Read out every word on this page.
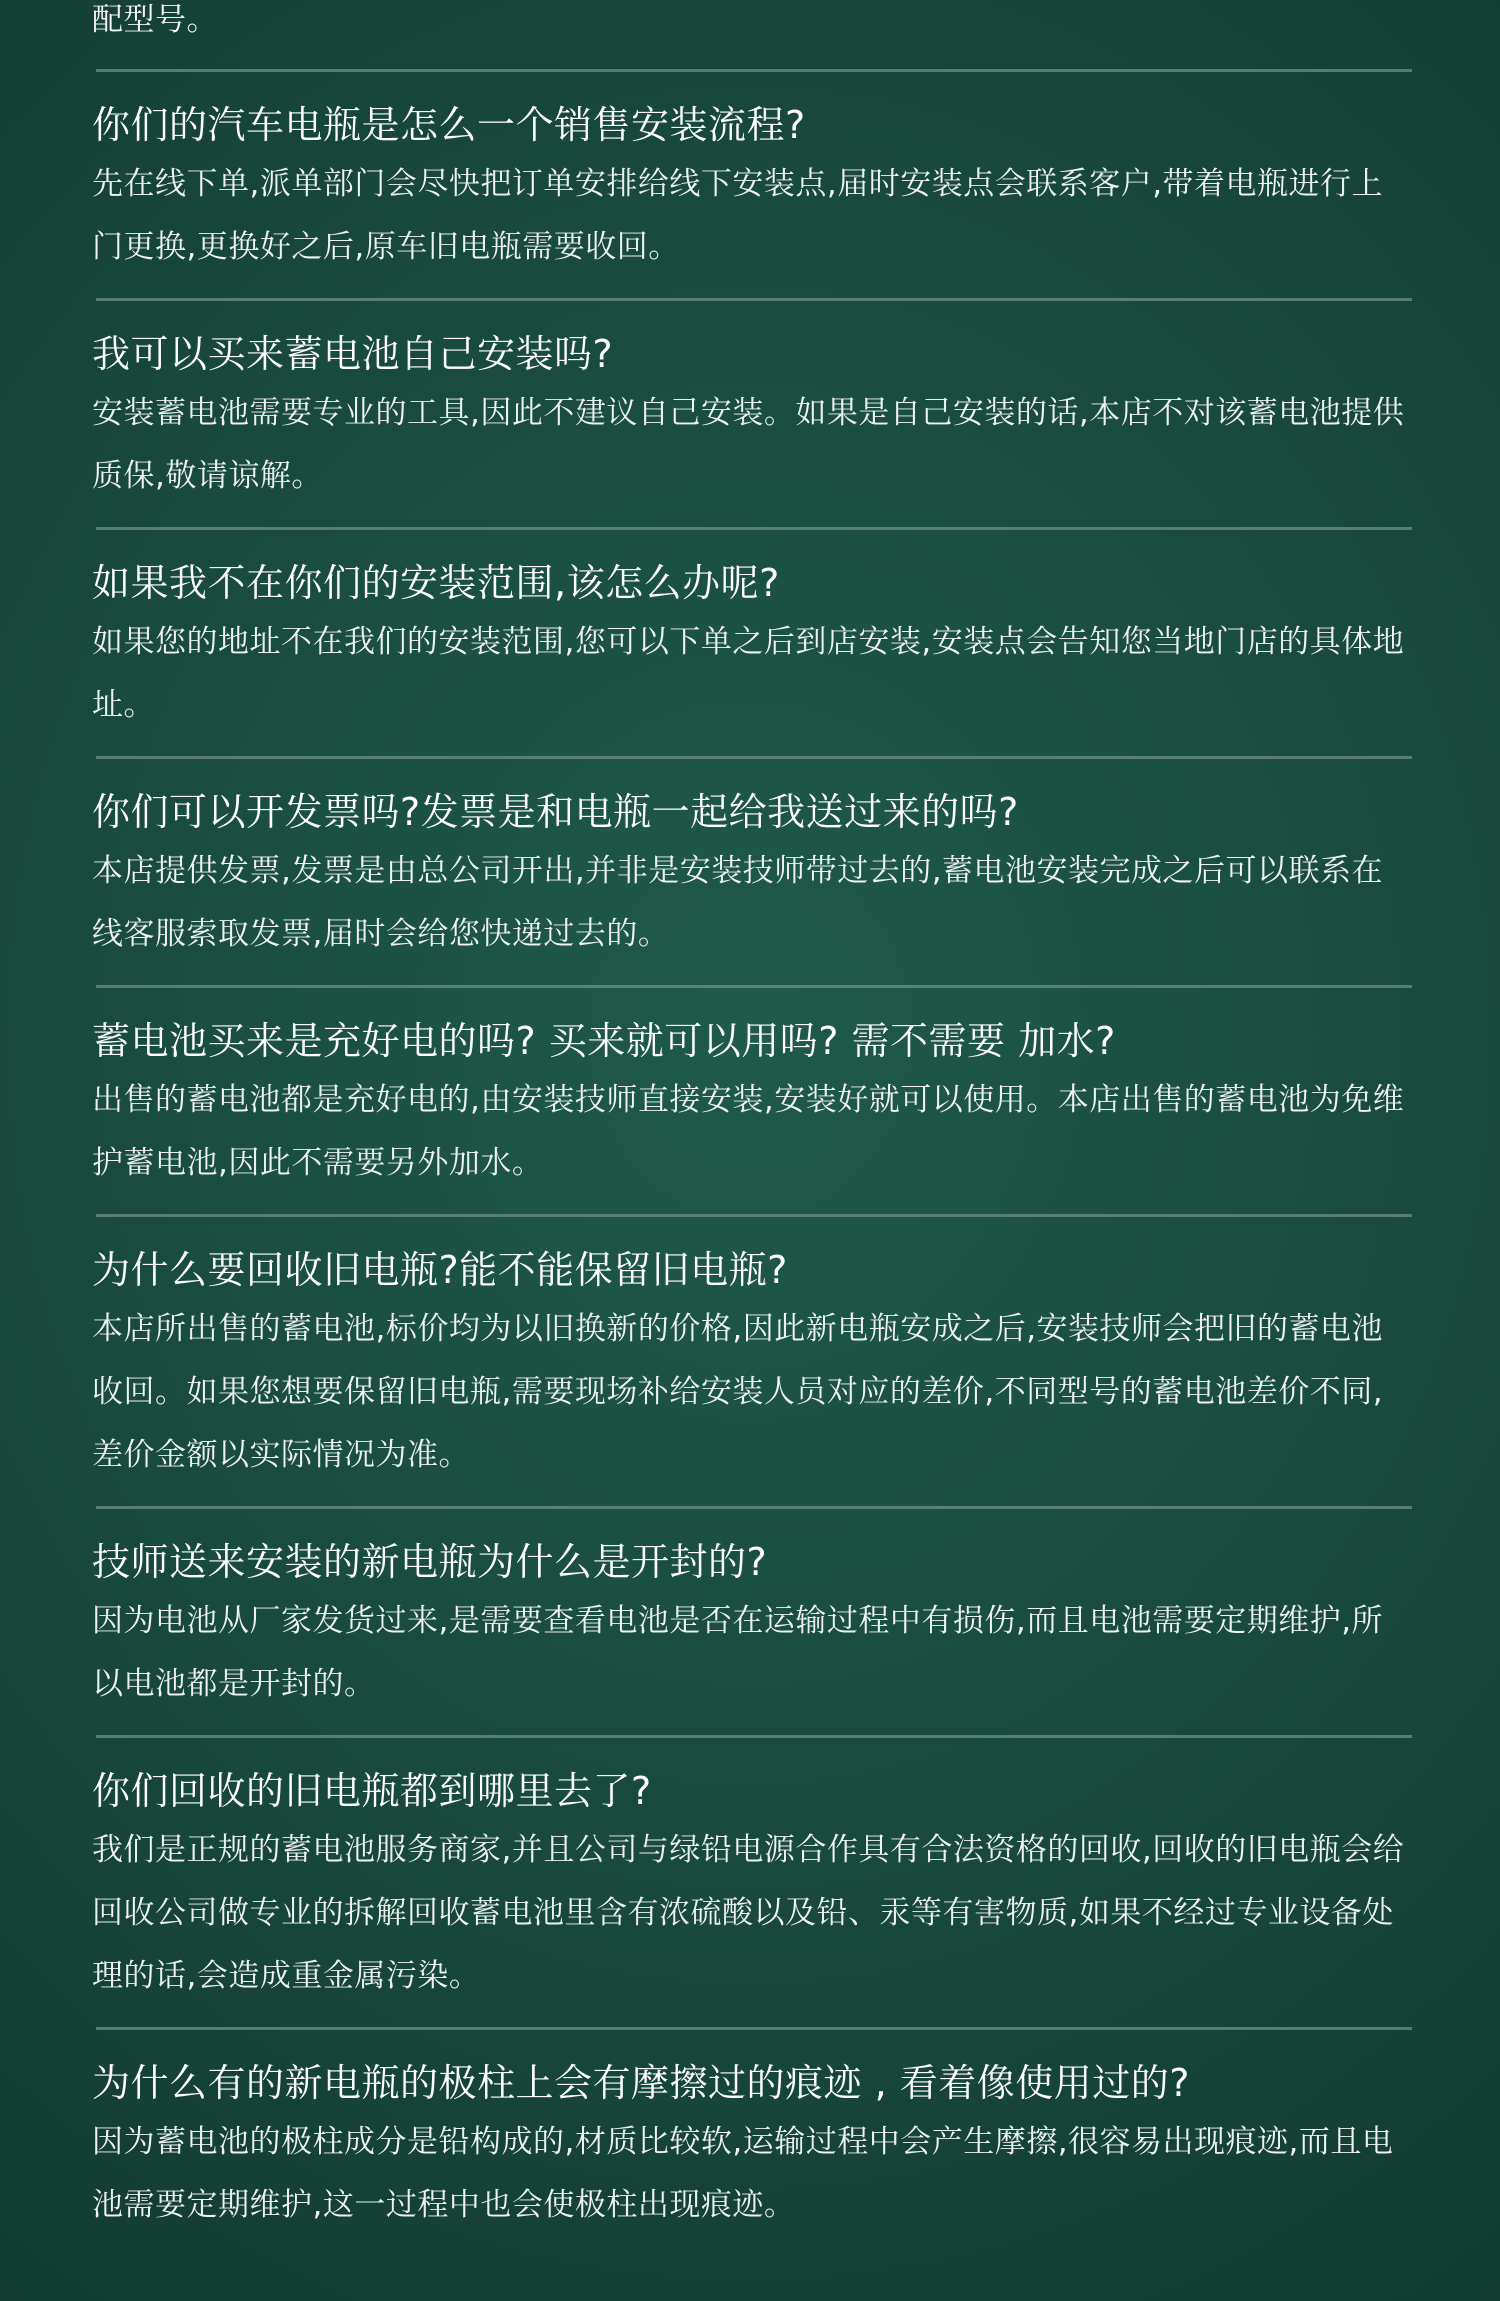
配型号。

你们的汽车电瓶是怎么一个销售安装流程?

先在线下单,派单部门会尽快把订单安排给线下安装点,届时安装点会联系客户,带着电瓶进行上门更换,更换好之后,原车旧电瓶需要收回。

我可以买来蓄电池自己安装吗?

安装蓄电池需要专业的工具,因此不建议自己安装。如果是自己安装的话,本店不对该蓄电池提供质保,敬请谅解。

如果我不在你们的安装范围,该怎么办呢?

如果您的地址不在我们的安装范围,您可以下单之后到店安装,安装点会告知您当地门店的具体地址。

你们可以开发票吗?发票是和电瓶一起给我送过来的吗?

本店提供发票,发票是由总公司开出,并非是安装技师带过去的,蓄电池安装完成之后可以联系在线客服索取发票,届时会给您快递过去的。

蓄电池买来是充好电的吗? 买来就可以用吗? 需不需要 加水?

出售的蓄电池都是充好电的,由安装技师直接安装,安装好就可以使用。本店出售的蓄电池为免维护蓄电池,因此不需要另外加水。

为什么要回收旧电瓶?能不能保留旧电瓶?

本店所出售的蓄电池,标价均为以旧换新的价格,因此新电瓶安成之后,安装技师会把旧的蓄电池收回。如果您想要保留旧电瓶,需要现场补给安装人员对应的差价,不同型号的蓄电池差价不同,差价金额以实际情况为准。

技师送来安装的新电瓶为什么是开封的?

因为电池从厂家发货过来,是需要查看电池是否在运输过程中有损伤,而且电池需要定期维护,所以电池都是开封的。

你们回收的旧电瓶都到哪里去了?

我们是正规的蓄电池服务商家,并且公司与绿铅电源合作具有合法资格的回收,回收的旧电瓶会给回收公司做专业的拆解回收蓄电池里含有浓硫酸以及铅、汞等有害物质,如果不经过专业设备处理的话,会造成重金属污染。

为什么有的新电瓶的极柱上会有摩擦过的痕迹 , 看着像使用过的?

因为蓄电池的极柱成分是铅构成的,材质比较软,运输过程中会产生摩擦,很容易出现痕迹,而且电池需要定期维护,这一过程中也会使极柱出现痕迹。
